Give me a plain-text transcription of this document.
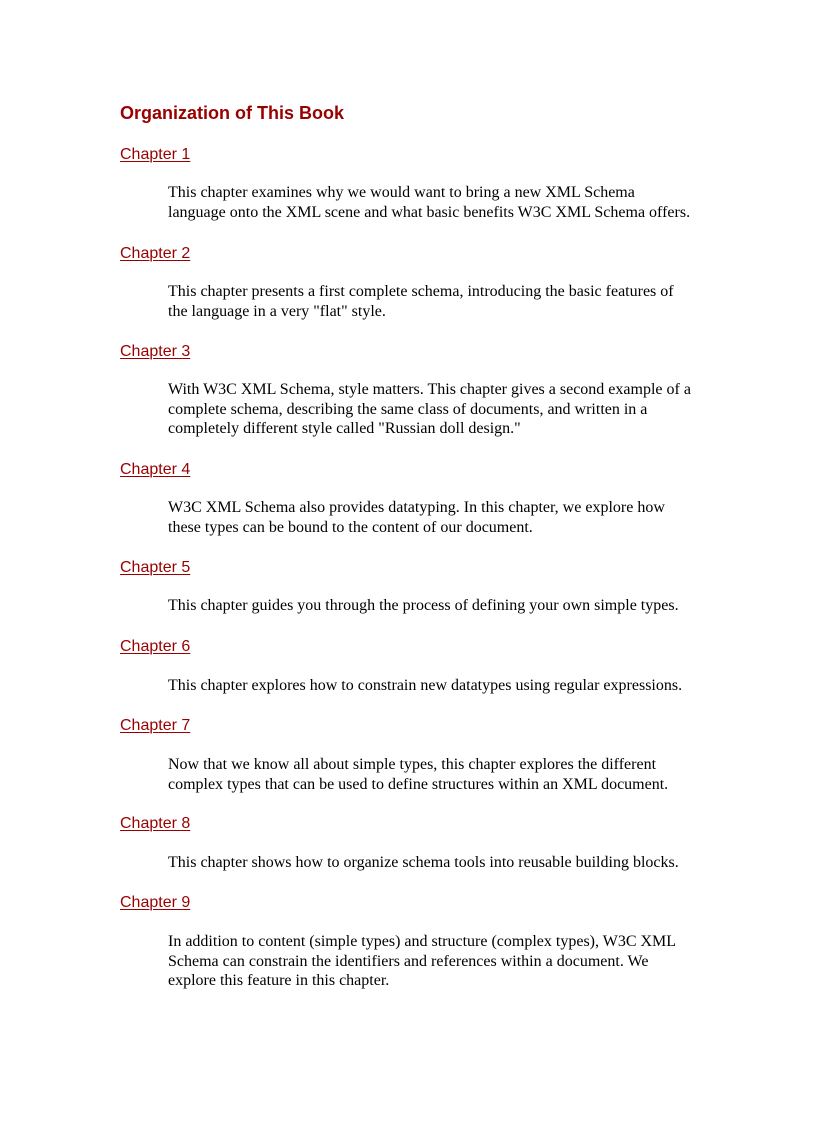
Organization of This Book
Chapter 1

This chapter examines why we would want to bring a new XML Schema
language onto the XML scene and what basic benefits W3C XML Schema offers.

Chapter 2

This chapter presents a first complete schema, introducing the basic features of
the language in a very "flat" style.

Chapter 3

With W3C XML Schema, style matters. This chapter gives a second example of a
complete schema, describing the same class of documents, and written in a
completely different style called "Russian doll design."

Chapter 4

W3C XML Schema also provides datatyping. In this chapter, we explore how
these types can be bound to the content of our document.

Chapter 5

This chapter guides you through the process of defining your own simple types.

Chapter 6

This chapter explores how to constrain new datatypes using regular expressions.

Chapter 7

Now that we know all about simple types, this chapter explores the different
complex types that can be used to define structures within an XML document.

Chapter 8

This chapter shows how to organize schema tools into reusable building blocks.

Chapter 9

In addition to content (simple types) and structure (complex types), W3C XML
Schema can constrain the identifiers and references within a document. We
explore this feature in this chapter.
